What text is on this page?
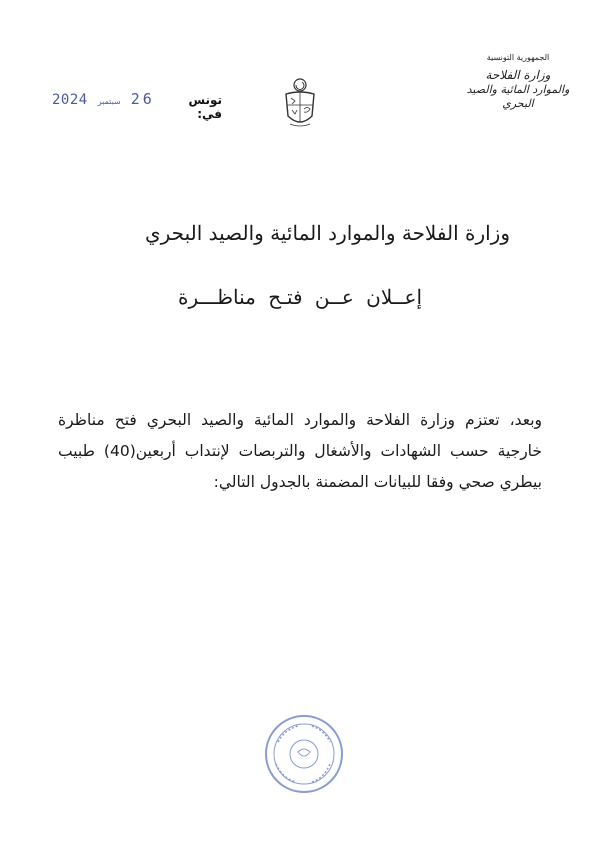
الجمهورية التونسية
وزارة الفلاحة
والموارد المائية والصيد البحري
2024 سبتمبر 26	تونس في:
وزارة الفلاحة والموارد المائية والصيد البحري
إعــلان عــن فتـح مناظـــرة
وبعد، تعتزم وزارة الفلاحة والموارد المائية والصيد البحري فتح مناظرة خارجية حسب الشهادات والأشغال والتربصات لإنتداب أربعين(40) طبيب بيطري صحي وفقا للبيانات المضمنة بالجدول التالي:
